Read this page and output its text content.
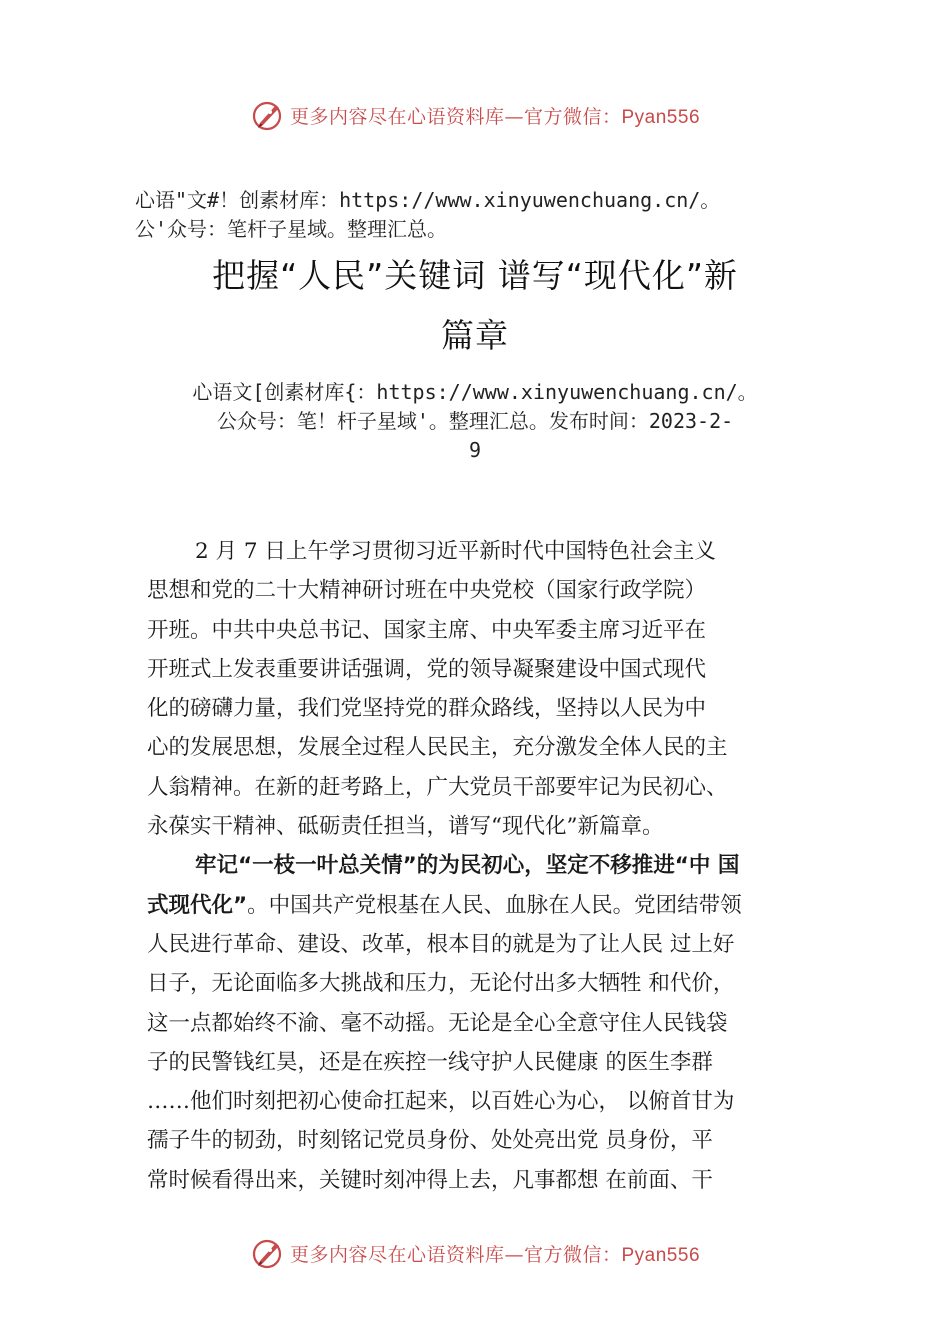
更多内容尽在心语资料库—官方微信：Pyan556
心语"文#！创素材库：https://www.xinyuwenchuang.cn/。
公'众号：笔杆子星域。整理汇总。
把握“人民”关键词 谱写“现代化”新
篇章
心语文[创素材库{：https://www.xinyuwenchuang.cn/。
公众号：笔！杆子星域'。整理汇总。发布时间：2023-2-
9
2 月 7 日上午学习贯彻习近平新时代中国特色社会主义
思想和党的二十大精神研讨班在中央党校（国家行政学院）
开班。中共中央总书记、国家主席、中央军委主席习近平在
开班式上发表重要讲话强调，党的领导凝聚建设中国式现代
化的磅礴力量，我们党坚持党的群众路线，坚持以人民为中
心的发展思想，发展全过程人民民主，充分激发全体人民的主
人翁精神。在新的赶考路上，广大党员干部要牢记为民初心、
永葆实干精神、砥砺责任担当，谱写“现代化”新篇章。
牢记“一枝一叶总关情”的为民初心，坚定不移推进“中 国
式现代化”。中国共产党根基在人民、血脉在人民。党团结带领
人民进行革命、建设、改革，根本目的就是为了让人民 过上好
日子，无论面临多大挑战和压力，无论付出多大牺牲 和代价，
这一点都始终不渝、毫不动摇。无论是全心全意守住人民钱袋
子的民警钱红昊，还是在疾控一线守护人民健康 的医生李群
……他们时刻把初心使命扛起来，以百姓心为心， 以俯首甘为
孺子牛的韧劲，时刻铭记党员身份、处处亮出党 员身份，平
常时候看得出来，关键时刻冲得上去，凡事都想 在前面、干
更多内容尽在心语资料库—官方微信：Pyan556
